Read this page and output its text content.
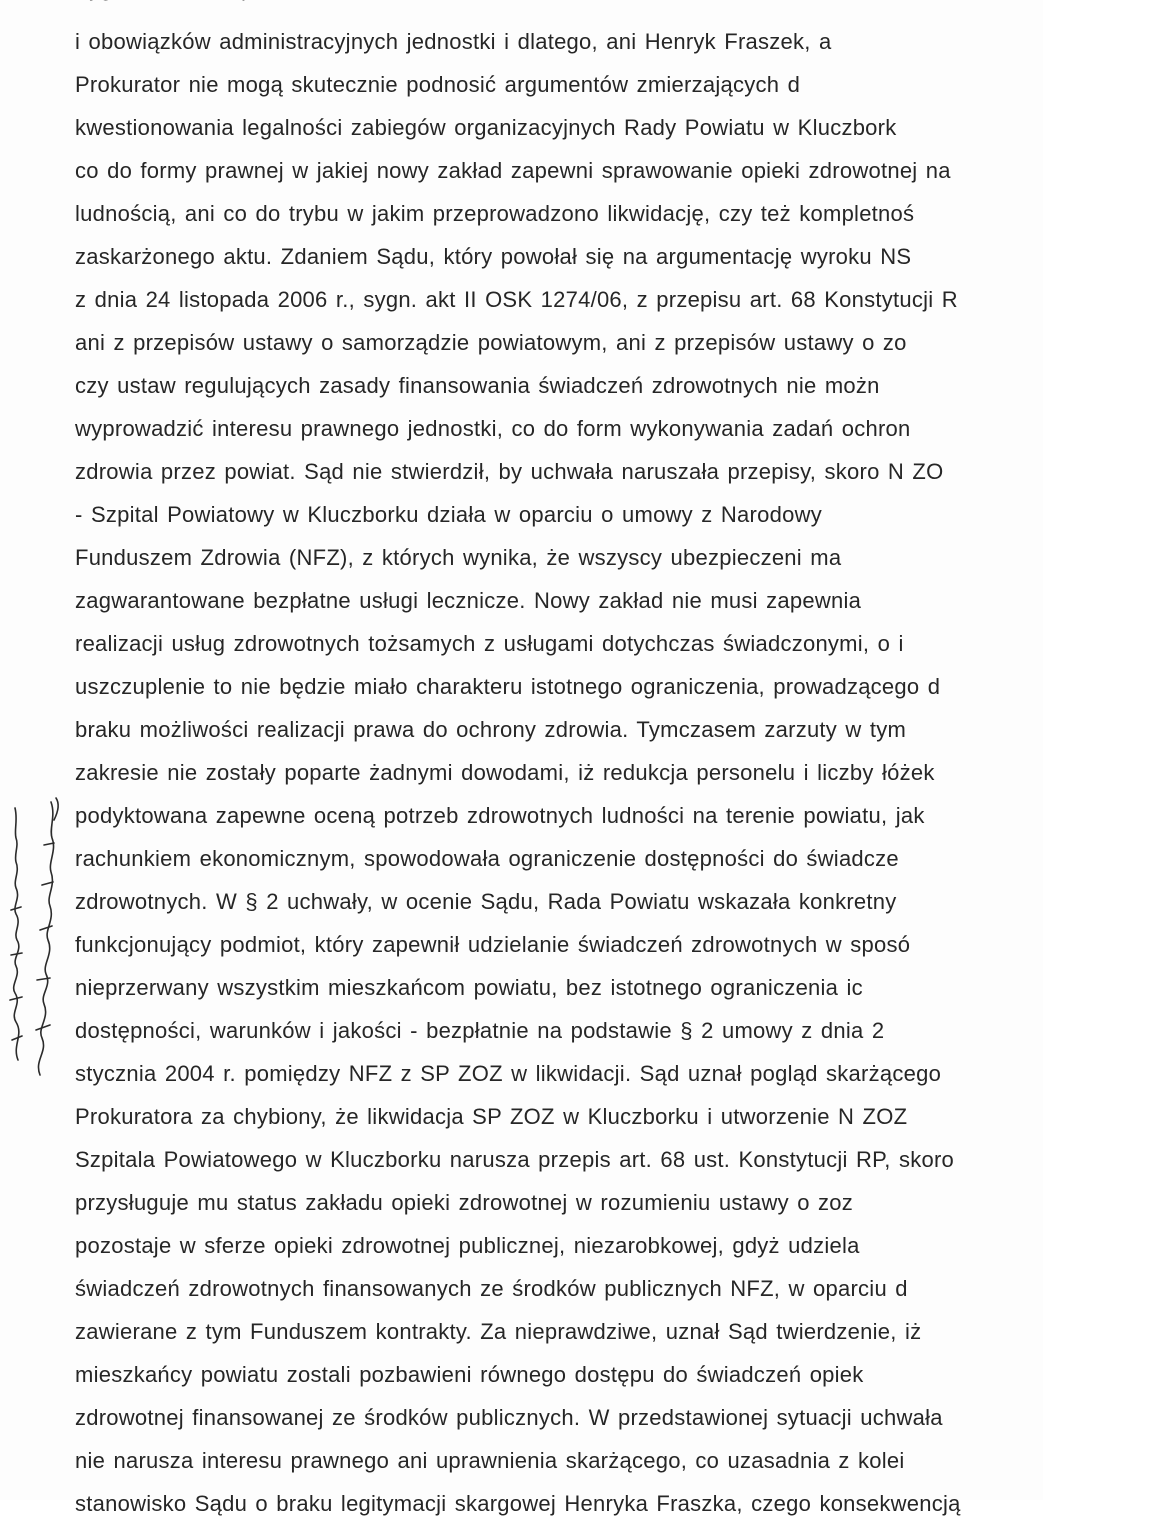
i obowiązków administracyjnych jednostki i dlatego, ani Henryk Fraszek, a
Prokurator nie mogą skutecznie podnosić argumentów zmierzających d
kwestionowania legalności zabiegów organizacyjnych Rady Powiatu w Kluczbork
co do formy prawnej w jakiej nowy zakład zapewni sprawowanie opieki zdrowotnej na
ludnością, ani co do trybu w jakim przeprowadzono likwidację, czy też kompletnoś
zaskarżonego aktu. Zdaniem Sądu, który powołał się na argumentację wyroku NS
z dnia 24 listopada 2006 r., sygn. akt II OSK 1274/06, z przepisu art. 68 Konstytucji R
ani z przepisów ustawy o samorządzie powiatowym, ani z przepisów ustawy o zo
czy ustaw regulujących zasady finansowania świadczeń zdrowotnych nie możn
wyprowadzić interesu prawnego jednostki, co do form wykonywania zadań ochron
zdrowia przez powiat. Sąd nie stwierdził, by uchwała naruszała przepisy, skoro N ZO
- Szpital Powiatowy w Kluczborku działa w oparciu o umowy z Narodowy
Funduszem Zdrowia (NFZ), z których wynika, że wszyscy ubezpieczeni ma
zagwarantowane bezpłatne usługi lecznicze. Nowy zakład nie musi zapewnia
realizacji usług zdrowotnych tożsamych z usługami dotychczas świadczonymi, o i
uszczuplenie to nie będzie miało charakteru istotnego ograniczenia, prowadzącego d
braku możliwości realizacji prawa do ochrony zdrowia. Tymczasem zarzuty w tym
zakresie nie zostały poparte żadnymi dowodami, iż redukcja personelu i liczby łóżek
podyktowana zapewne oceną potrzeb zdrowotnych ludności na terenie powiatu, jak
rachunkiem ekonomicznym, spowodowała ograniczenie dostępności do świadcze
zdrowotnych. W § 2 uchwały, w ocenie Sądu, Rada Powiatu wskazała konkretny
funkcjonujący podmiot, który zapewnił udzielanie świadczeń zdrowotnych w sposó
nieprzerwany wszystkim mieszkańcom powiatu, bez istotnego ograniczenia ic
dostępności, warunków i jakości - bezpłatnie na podstawie § 2 umowy z dnia 2
stycznia 2004 r. pomiędzy NFZ z SP ZOZ w likwidacji. Sąd uznał pogląd skarżącego
Prokuratora za chybiony, że likwidacja SP ZOZ w Kluczborku i utworzenie N ZOZ
Szpitala Powiatowego w Kluczborku narusza przepis art. 68 ust. Konstytucji RP, skoro
przysługuje mu status zakładu opieki zdrowotnej w rozumieniu ustawy o zoz
pozostaje w sferze opieki zdrowotnej publicznej, niezarobkowej, gdyż udziela
świadczeń zdrowotnych finansowanych ze środków publicznych NFZ, w oparciu d
zawierane z tym Funduszem kontrakty. Za nieprawdziwe, uznał Sąd twierdzenie, iż
mieszkańcy powiatu zostali pozbawieni równego dostępu do świadczeń opiek
zdrowotnej finansowanej ze środków publicznych. W przedstawionej sytuacji uchwała
nie narusza interesu prawnego ani uprawnienia skarżącego, co uzasadnia z kolei
stanowisko Sądu o braku legitymacji skargowej Henryka Fraszka, czego konsekwencją
